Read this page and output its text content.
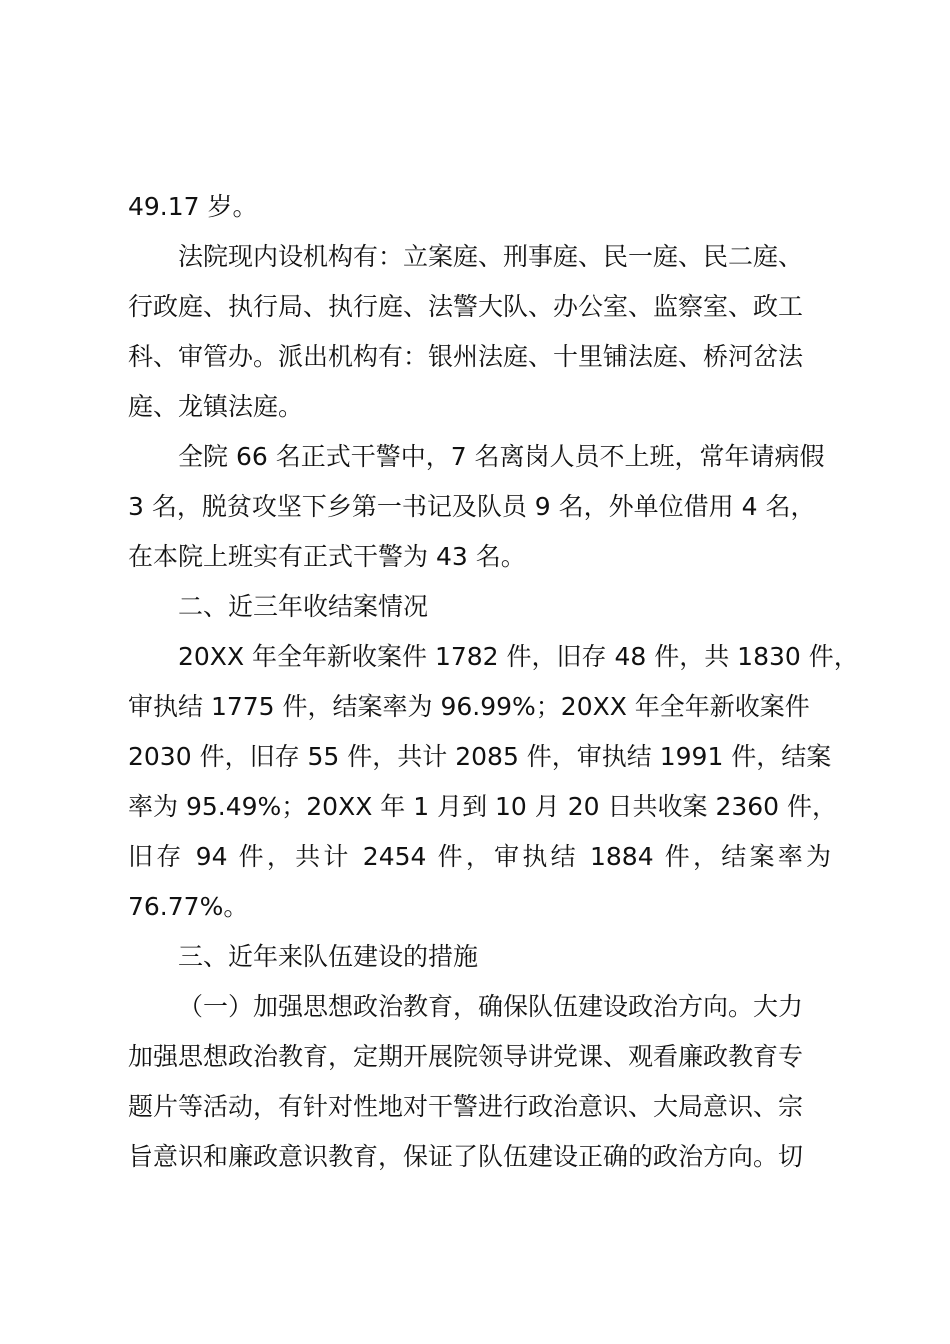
49.17 岁。
法院现内设机构有：立案庭、刑事庭、民一庭、民二庭、
行政庭、执行局、执行庭、法警大队、办公室、监察室、政工
科、审管办。派出机构有：银州法庭、十里铺法庭、桥河岔法
庭、龙镇法庭。
全院 66 名正式干警中，7 名离岗人员不上班，常年请病假
3 名，脱贫攻坚下乡第一书记及队员 9 名，外单位借用 4 名，
在本院上班实有正式干警为 43 名。
二、近三年收结案情况
20XX 年全年新收案件 1782 件，旧存 48 件，共 1830 件，
审执结 1775 件，结案率为 96.99%；20XX 年全年新收案件
2030 件，旧存 55 件，共计 2085 件，审执结 1991 件，结案
率为 95.49%；20XX 年 1 月到 10 月 20 日共收案 2360 件，
旧存 94 件，共计 2454 件，审执结 1884 件，结案率为
76.77%。
三、近年来队伍建设的措施
（一）加强思想政治教育，确保队伍建设政治方向。大力
加强思想政治教育，定期开展院领导讲党课、观看廉政教育专
题片等活动，有针对性地对干警进行政治意识、大局意识、宗
旨意识和廉政意识教育，保证了队伍建设正确的政治方向。切
